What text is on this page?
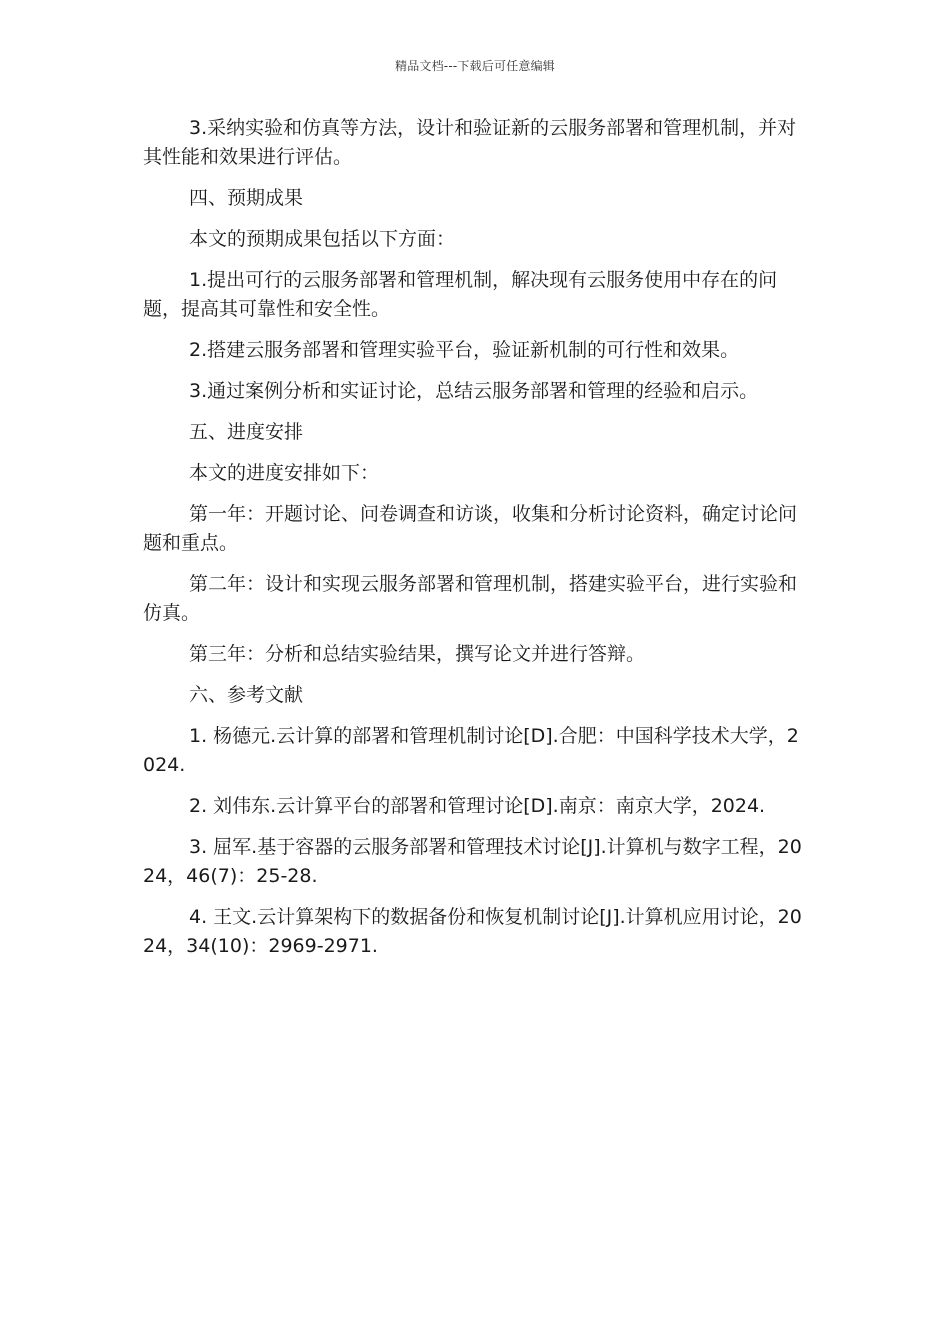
精品文档---下载后可任意编辑

3.采纳实验和仿真等方法，设计和验证新的云服务部署和管理机制，并对其性能和效果进行评估。

四、预期成果

本文的预期成果包括以下方面：

1.提出可行的云服务部署和管理机制，解决现有云服务使用中存在的问题，提高其可靠性和安全性。

2.搭建云服务部署和管理实验平台，验证新机制的可行性和效果。

3.通过案例分析和实证讨论，总结云服务部署和管理的经验和启示。

五、进度安排

本文的进度安排如下：

第一年：开题讨论、问卷调查和访谈，收集和分析讨论资料，确定讨论问题和重点。

第二年：设计和实现云服务部署和管理机制，搭建实验平台，进行实验和仿真。

第三年：分析和总结实验结果，撰写论文并进行答辩。

六、参考文献

1. 杨德元.云计算的部署和管理机制讨论[D].合肥：中国科学技术大学，2024.

2. 刘伟东.云计算平台的部署和管理讨论[D].南京：南京大学，2024.

3. 屈军.基于容器的云服务部署和管理技术讨论[J].计算机与数字工程，2024，46(7)：25-28.

4. 王文.云计算架构下的数据备份和恢复机制讨论[J].计算机应用讨论，2024，34(10)：2969-2971.
